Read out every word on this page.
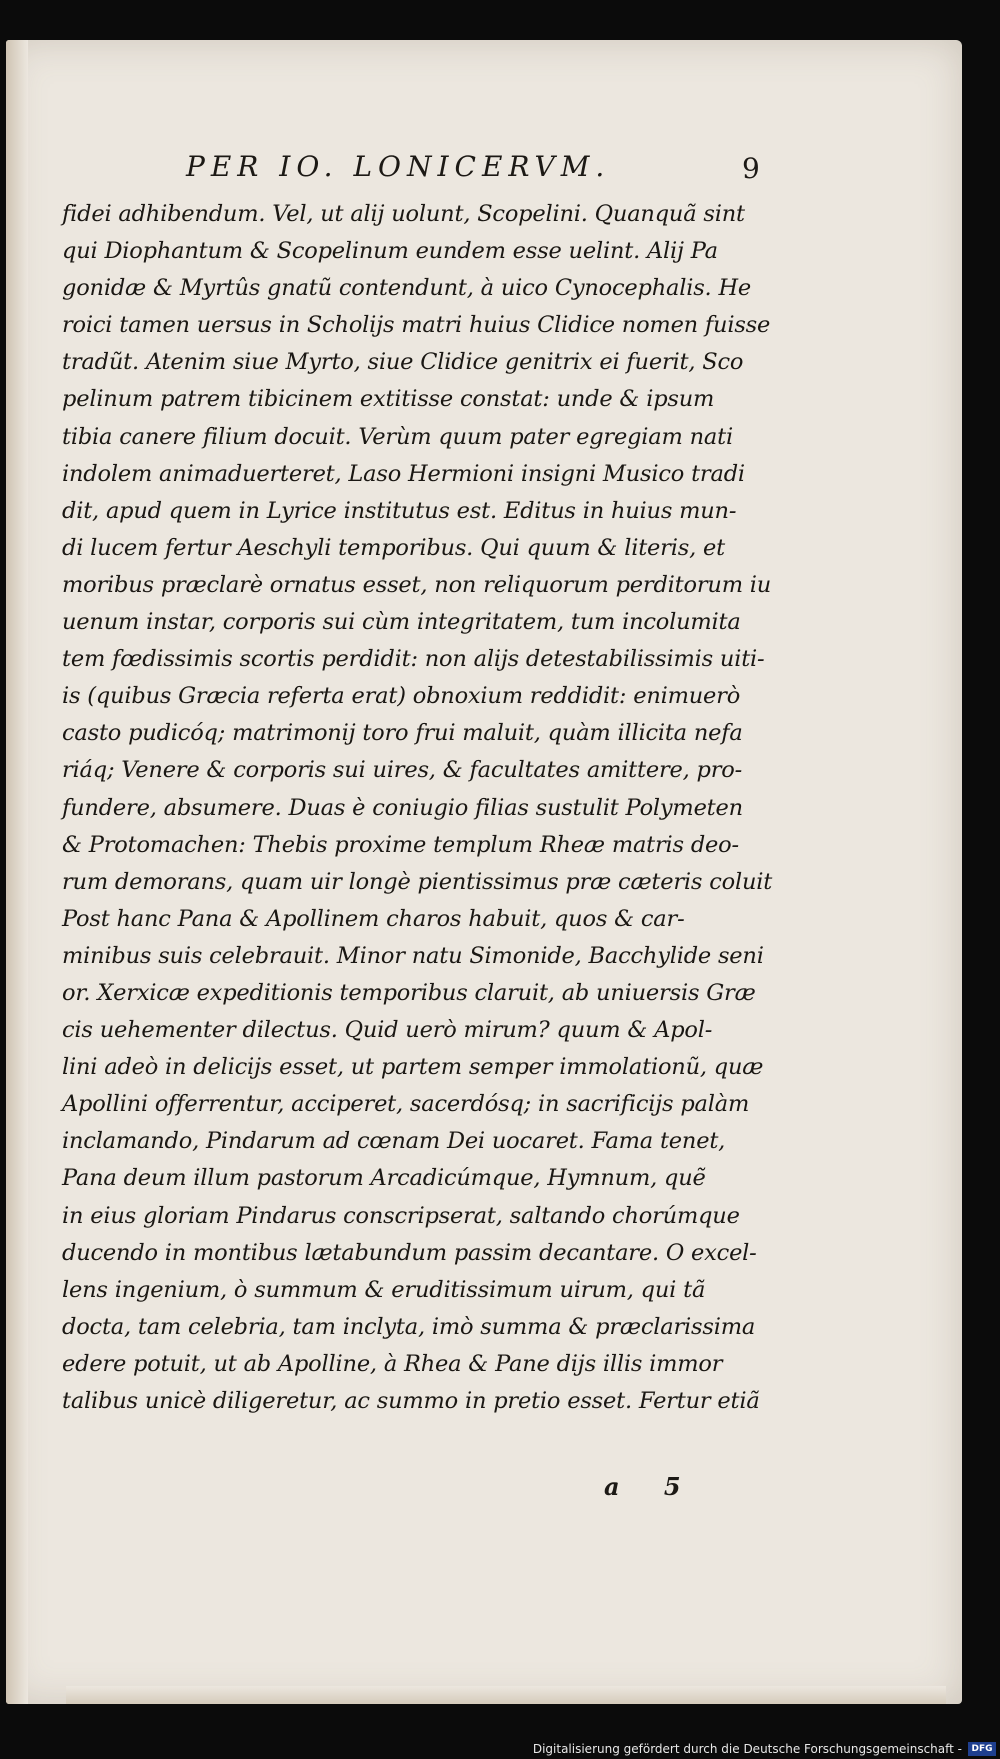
PER IO. LONICERVM.	9
fidei adhibendum. Vel, ut alij uolunt, Scopelini. Quanquã sint
qui Diophantum & Scopelinum eundem esse uelint. Alij Pa
gonidæ & Myrtûs gnatũ contendunt, à uico Cynocephalis. He
roici tamen uersus in Scholijs matri huius Clidice nomen fuisse
tradũt. Atenim siue Myrto, siue Clidice genitrix ei fuerit, Sco
pelinum patrem tibicinem extitisse constat: unde & ipsum
tibia canere filium docuit. Verùm quum pater egregiam nati
indolem animaduerteret, Laso Hermioni insigni Musico tradi
dit, apud quem in Lyrice institutus est. Editus in huius mun-
di lucem fertur Aeschyli temporibus. Qui quum & literis, et
moribus præclarè ornatus esset, non reliquorum perditorum iu
uenum instar, corporis sui cùm integritatem, tum incolumita
tem fœdissimis scortis perdidit: non alijs detestabilissimis uiti-
is (quibus Græcia referta erat) obnoxium reddidit: enimuerò
casto pudicóq; matrimonij toro frui maluit, quàm illicita nefa
riáq; Venere & corporis sui uires, & facultates amittere, pro-
fundere, absumere. Duas è coniugio filias sustulit Polymeten
& Protomachen: Thebis proxime templum Rheæ matris deo-
rum demorans, quam uir longè pientissimus præ cæteris coluit
Post hanc Pana & Apollinem charos habuit, quos & car-
minibus suis celebrauit. Minor natu Simonide, Bacchylide seni
or. Xerxicæ expeditionis temporibus claruit, ab uniuersis Græ
cis uehementer dilectus. Quid uerò mirum? quum & Apol-
lini adeò in delicijs esset, ut partem semper immolationũ, quæ
Apollini offerrentur, acciperet, sacerdósq; in sacrificijs palàm
inclamando, Pindarum ad cœnam Dei uocaret. Fama tenet,
Pana deum illum pastorum Arcadicúmque, Hymnum, quẽ
in eius gloriam Pindarus conscripserat, saltando chorúmque
ducendo in montibus lætabundum passim decantare. O excel-
lens ingenium, ò summum & eruditissimum uirum, qui tã
docta, tam celebria, tam inclyta, imò summa & præclarissima
edere potuit, ut ab Apolline, à Rhea & Pane dijs illis immor
talibus unicè diligeretur, ac summo in pretio esset. Fertur etiã
a 5
Digitalisierung gefördert durch die Deutsche Forschungsgemeinschaft -	DFG
